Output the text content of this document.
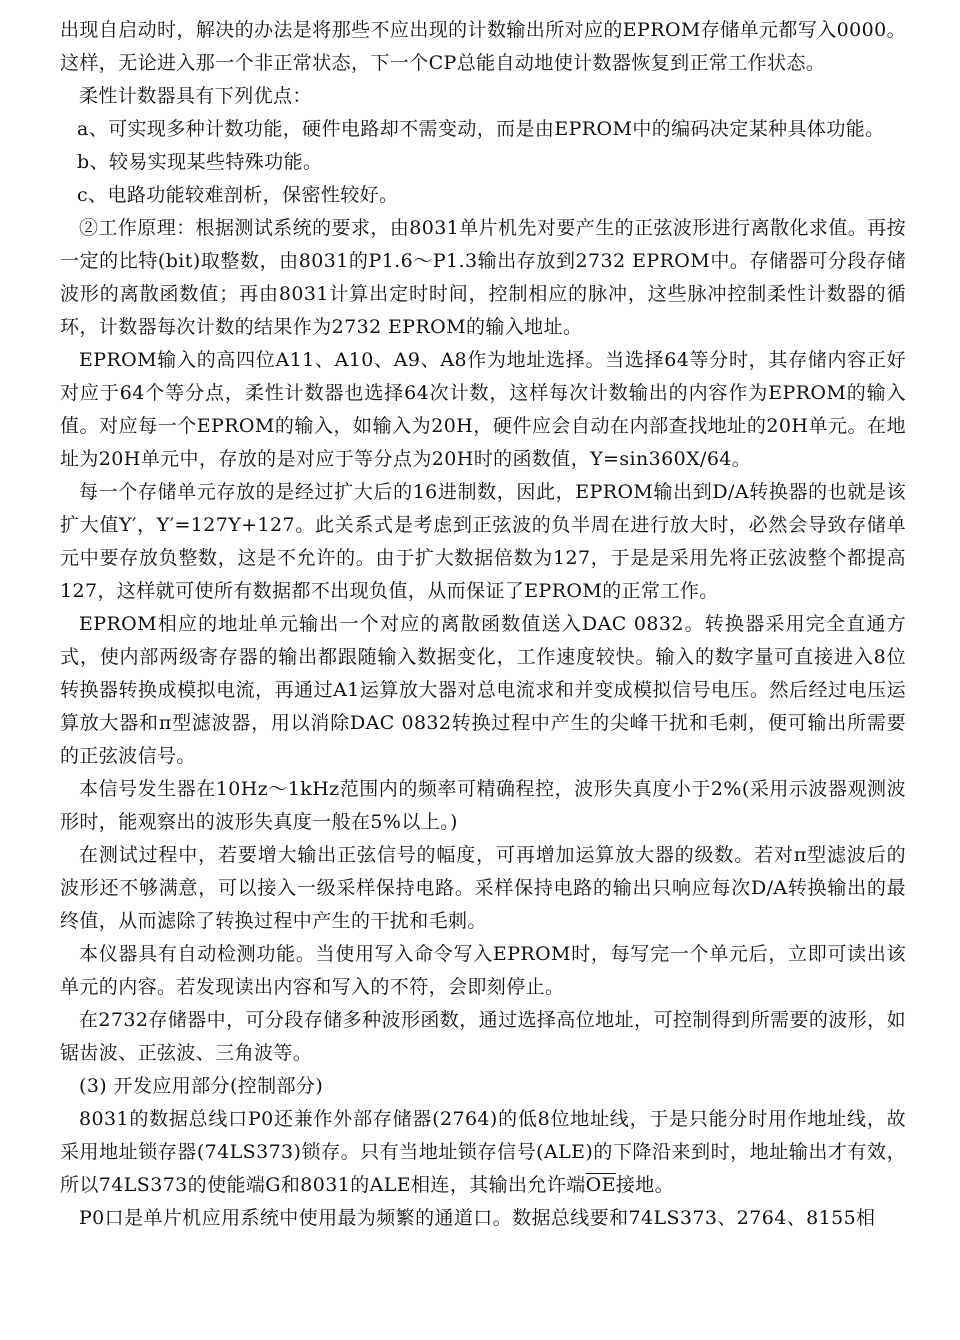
出现自启动时，解决的办法是将那些不应出现的计数输出所对应的EPROM存储单元都写入0000。这样，无论进入那一个非正常状态，下一个CP总能自动地使计数器恢复到正常工作状态。

柔性计数器具有下列优点：

a、可实现多种计数功能，硬件电路却不需变动，而是由EPROM中的编码决定某种具体功能。

b、较易实现某些特殊功能。

c、电路功能较难剖析，保密性较好。

②工作原理：根据测试系统的要求，由8031单片机先对要产生的正弦波形进行离散化求值。再按一定的比特(bit)取整数，由8031的P1.6～P1.3输出存放到2732 EPROM中。存储器可分段存储波形的离散函数值；再由8031计算出定时时间，控制相应的脉冲，这些脉冲控制柔性计数器的循环，计数器每次计数的结果作为2732 EPROM的输入地址。

EPROM输入的高四位A11、A10、A9、A8作为地址选择。当选择64等分时，其存储内容正好对应于64个等分点，柔性计数器也选择64次计数，这样每次计数输出的内容作为EPROM的输入值。对应每一个EPROM的输入，如输入为20H，硬件应会自动在内部查找地址的20H单元。在地址为20H单元中，存放的是对应于等分点为20H时的函数值，Y=sin360X/64。

每一个存储单元存放的是经过扩大后的16进制数，因此，EPROM输出到D/A转换器的也就是该扩大值Y′，Y′=127Y+127。此关系式是考虑到正弦波的负半周在进行放大时，必然会导致存储单元中要存放负整数，这是不允许的。由于扩大数据倍数为127，于是是采用先将正弦波整个都提高127，这样就可使所有数据都不出现负值，从而保证了EPROM的正常工作。

EPROM相应的地址单元输出一个对应的离散函数值送入DAC 0832。转换器采用完全直通方式，使内部两级寄存器的输出都跟随输入数据变化，工作速度较快。输入的数字量可直接进入8位转换器转换成模拟电流，再通过A1运算放大器对总电流求和并变成模拟信号电压。然后经过电压运算放大器和π型滤波器，用以消除DAC 0832转换过程中产生的尖峰干扰和毛刺，便可输出所需要的正弦波信号。

本信号发生器在10Hz～1kHz范围内的频率可精确程控，波形失真度小于2%(采用示波器观测波形时，能观察出的波形失真度一般在5%以上。)

在测试过程中，若要增大输出正弦信号的幅度，可再增加运算放大器的级数。若对π型滤波后的波形还不够满意，可以接入一级采样保持电路。采样保持电路的输出只响应每次D/A转换输出的最终值，从而滤除了转换过程中产生的干扰和毛刺。

本仪器具有自动检测功能。当使用写入命令写入EPROM时，每写完一个单元后，立即可读出该单元的内容。若发现读出内容和写入的不符，会即刻停止。

在2732存储器中，可分段存储多种波形函数，通过选择高位地址，可控制得到所需要的波形，如锯齿波、正弦波、三角波等。

(3) 开发应用部分(控制部分)

8031的数据总线口P0还兼作外部存储器(2764)的低8位地址线，于是只能分时用作地址线，故采用地址锁存器(74LS373)锁存。只有当地址锁存信号(ALE)的下降沿来到时，地址输出才有效，所以74LS373的使能端G和8031的ALE相连，其输出允许端$\overline{OE}$接地。

P0口是单片机应用系统中使用最为频繁的通道口。数据总线要和74LS373、2764、8155相
